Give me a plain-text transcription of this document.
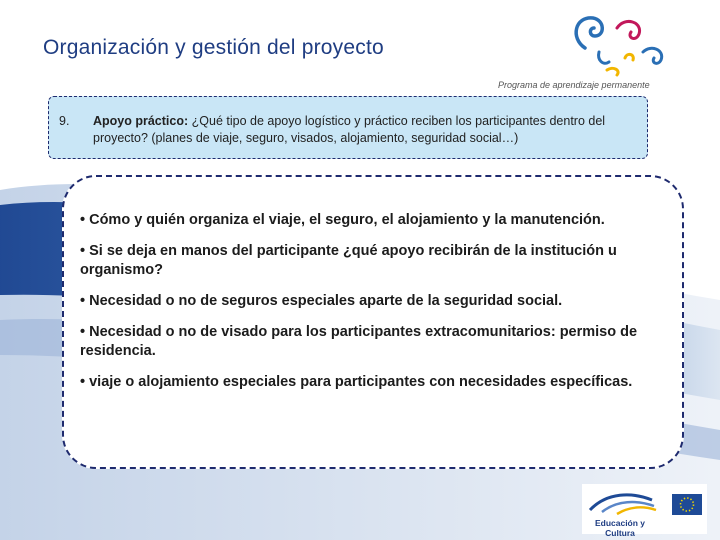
Organización y gestión del proyecto
Programa de aprendizaje permanente
9. Apoyo práctico: ¿Qué tipo de apoyo logístico y práctico reciben los participantes dentro del proyecto? (planes de viaje, seguro, visados, alojamiento, seguridad social…)
• Cómo y quién organiza el viaje, el seguro, el alojamiento y la manutención.
• Si se deja en manos del participante ¿qué apoyo recibirán de la institución u organismo?
• Necesidad o no de seguros especiales aparte de la seguridad social.
• Necesidad o no de visado para los participantes extracomunitarios: permiso de residencia.
• viaje o alojamiento especiales para participantes con necesidades específicas.
Educación y Cultura
